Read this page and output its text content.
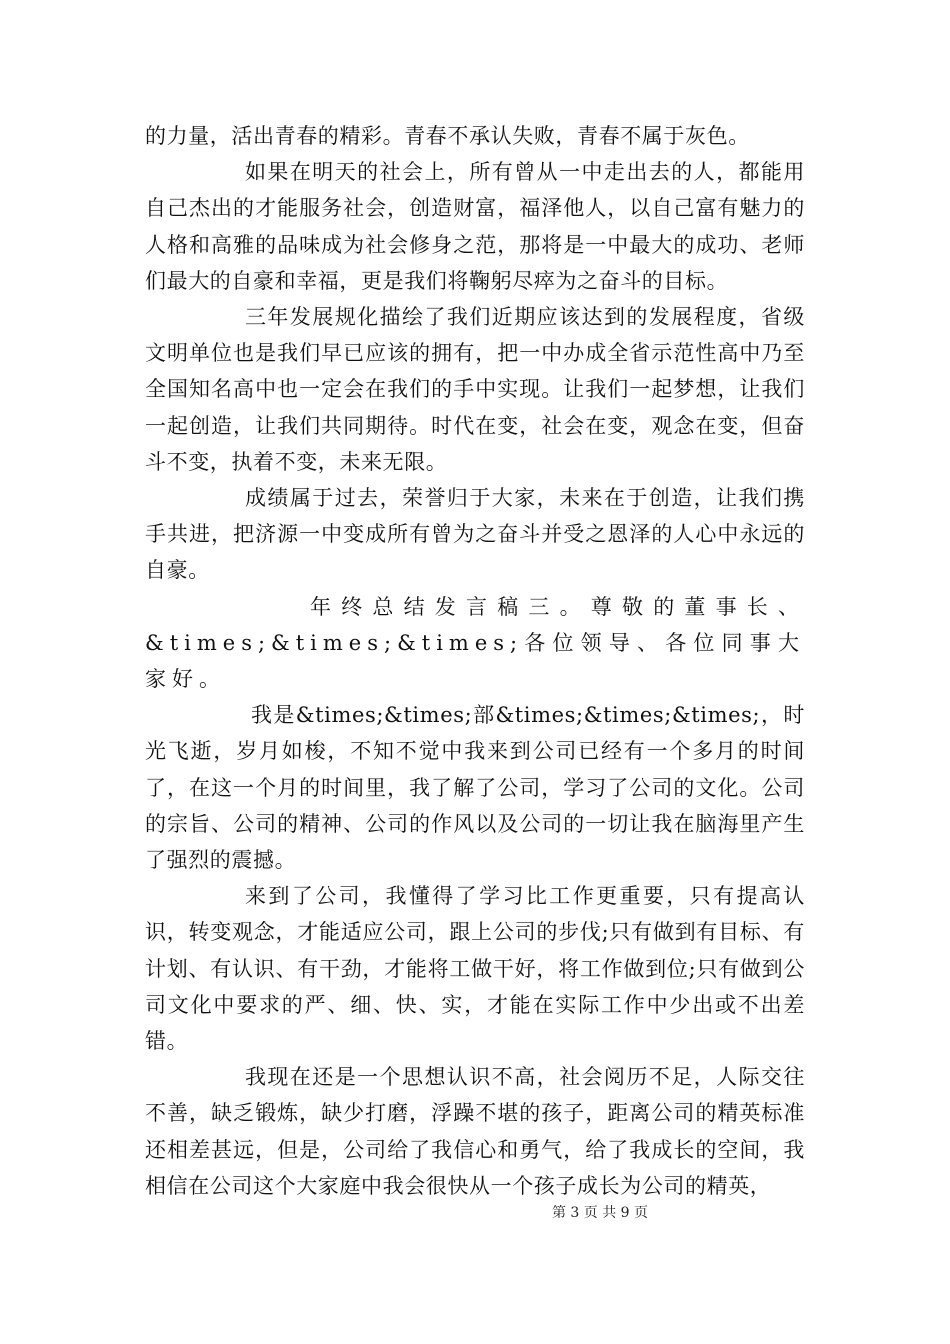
的力量，活出青春的精彩。青春不承认失败，青春不属于灰色。

如果在明天的社会上，所有曾从一中走出去的人，都能用自己杰出的才能服务社会，创造财富，福泽他人，以自己富有魅力的人格和高雅的品味成为社会修身之范，那将是一中最大的成功、老师们最大的自豪和幸福，更是我们将鞠躬尽瘁为之奋斗的目标。

三年发展规化描绘了我们近期应该达到的发展程度，省级文明单位也是我们早已应该的拥有，把一中办成全省示范性高中乃至全国知名高中也一定会在我们的手中实现。让我们一起梦想，让我们一起创造，让我们共同期待。时代在变，社会在变，观念在变，但奋斗不变，执着不变，未来无限。

成绩属于过去，荣誉归于大家，未来在于创造，让我们携手共进，把济源一中变成所有曾为之奋斗并受之恩泽的人心中永远的自豪。

年终总结发言稿三。尊敬的董事长、&times;&times;&times;各位领导、各位同事大家好。

我是&times;&times;部&times;&times;&times;，时光飞逝，岁月如梭，不知不觉中我来到公司已经有一个多月的时间了，在这一个月的时间里，我了解了公司，学习了公司的文化。公司的宗旨、公司的精神、公司的作风以及公司的一切让我在脑海里产生了强烈的震撼。

来到了公司，我懂得了学习比工作更重要，只有提高认识，转变观念，才能适应公司，跟上公司的步伐;只有做到有目标、有计划、有认识、有干劲，才能将工做干好，将工作做到位;只有做到公司文化中要求的严、细、快、实，才能在实际工作中少出或不出差错。

我现在还是一个思想认识不高，社会阅历不足，人际交往不善，缺乏锻炼，缺少打磨，浮躁不堪的孩子，距离公司的精英标准还相差甚远，但是，公司给了我信心和勇气，给了我成长的空间，我相信在公司这个大家庭中我会很快从一个孩子成长为公司的精英，

第 3 页 共 9 页
